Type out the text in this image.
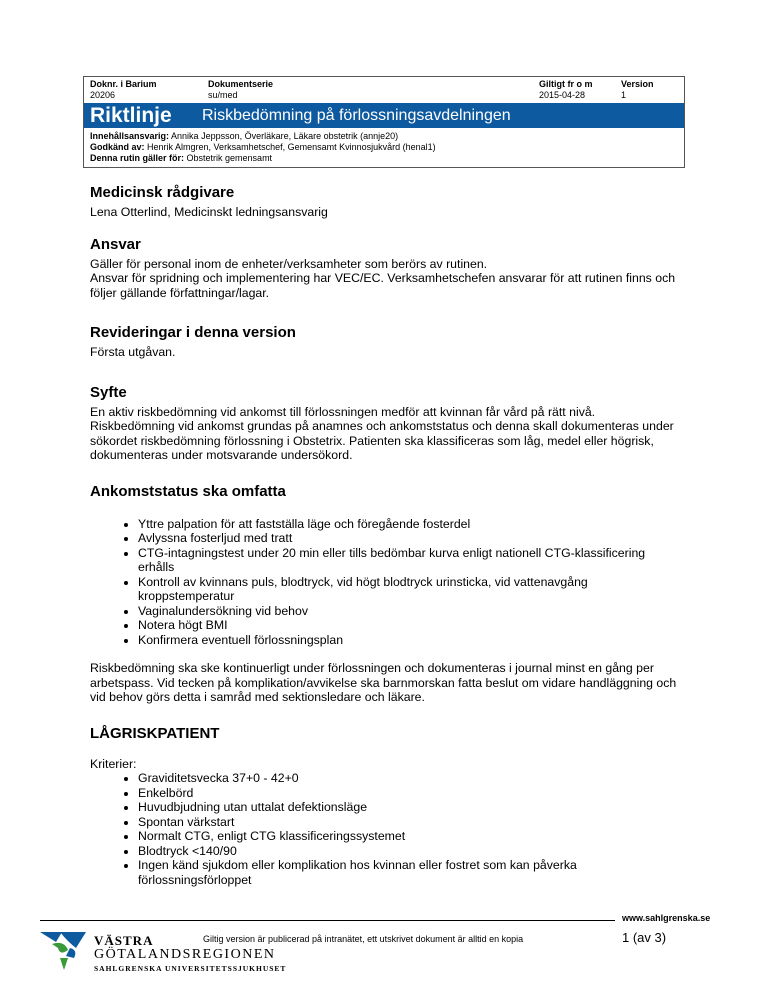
Doknr. i Barium
20206
Dokumentserie
su/med
Giltigt fr o m
2015-04-28
Version
1
Riktlinje Riskbedömning på förlossningsavdelningen
Innehållsansvarig: Annika Jeppsson, Överläkare, Läkare obstetrik (annje20)
Godkänd av: Henrik Almgren, Verksamhetschef, Gemensamt Kvinnosjukvård (henal1)
Denna rutin gäller för: Obstetrik gemensamt
Medicinsk rådgivare

Lena Otterlind, Medicinskt ledningsansvarig

Ansvar

Gäller för personal inom de enheter/verksamheter som berörs av rutinen.

Ansvar för spridning och implementering har VEC/EC. Verksamhetschefen ansvarar för att rutinen finns och följer gällande författningar/lagar.

Revideringar i denna version

Första utgåvan.

Syfte

En aktiv riskbedömning vid ankomst till förlossningen medför att kvinnan får vård på rätt nivå. Riskbedömning vid ankomst grundas på anamnes och ankomststatus och denna skall dokumenteras under sökordet riskbedömning förlossning i Obstetrix. Patienten ska klassificeras som låg, medel eller högrisk, dokumenteras under motsvarande undersökord.

Ankomststatus ska omfatta
• Yttre palpation för att fastställa läge och föregående fosterdel
• Avlyssna fosterljud med tratt
• CTG-intagningstest under 20 min eller tills bedömbar kurva enligt nationell CTG-klassificering erhålls
• Kontroll av kvinnans puls, blodtryck, vid högt blodtryck urinsticka, vid vattenavgång kroppstemperatur
• Vaginalundersökning vid behov
• Notera högt BMI
• Konfirmera eventuell förlossningsplan

Riskbedömning ska ske kontinuerligt under förlossningen och dokumenteras i journal minst en gång per arbetspass. Vid tecken på komplikation/avvikelse ska barnmorskan fatta beslut om vidare handläggning och vid behov görs detta i samråd med sektionsledare och läkare.

LÅGRISKPATIENT

Kriterier:

• Graviditetsvecka 37+0 - 42+0
• Enkelbörd
• Huvudbjudning utan uttalat defektionsläge
• Spontan värkstart
• Normalt CTG, enligt CTG klassificeringssystemet
• Blodtryck <140/90
• Ingen känd sjukdom eller komplikation hos kvinnan eller fostret som kan påverka förlossningsförloppet
www.sahlgrenska.se
Giltig version är publicerad på intranätet, ett utskrivet dokument är alltid en kopia	1 (av 3)
VÄSTRA
GÖTALANDSREGIONEN
SAHLGRENSKA UNIVERSITETSSJUKHUSET
